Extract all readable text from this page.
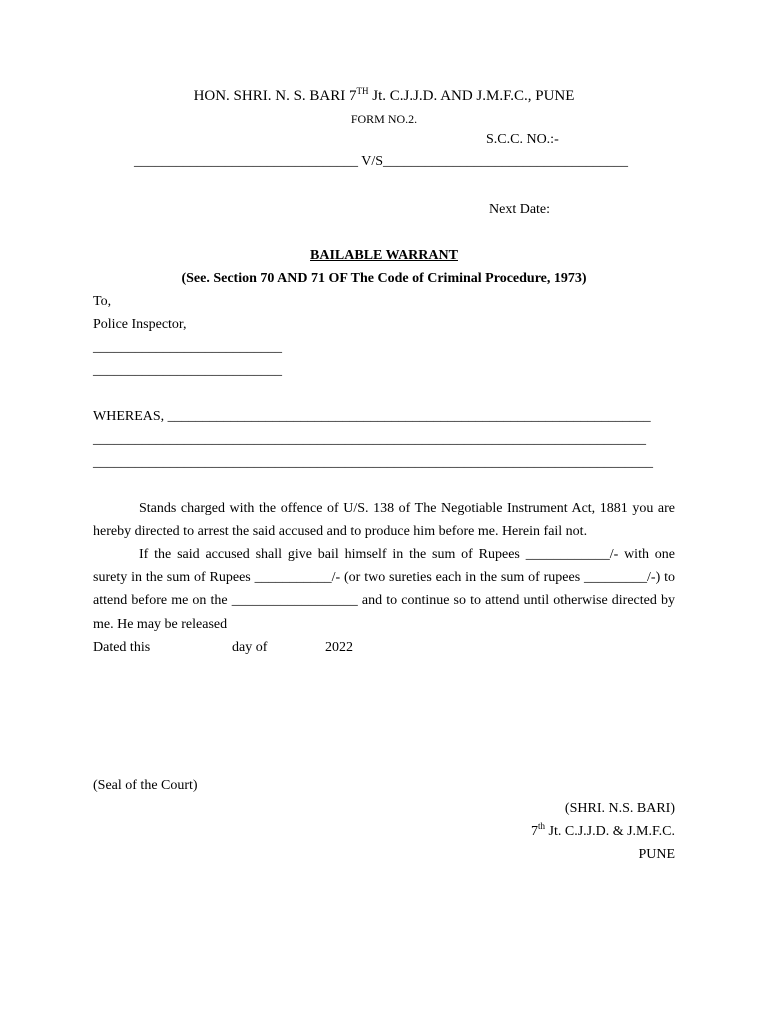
HON. SHRI. N. S. BARI 7TH Jt. C.J.J.D. AND J.M.F.C., PUNE
FORM NO.2.
S.C.C. NO.:-
________________________________ V/S___________________________________
Next Date:
BAILABLE WARRANT
(See. Section 70 AND 71 OF The Code of Criminal Procedure, 1973)
To,
Police Inspector,
___________________________
___________________________
WHEREAS, _____________________________________________________________________
_______________________________________________________________________________
________________________________________________________________________________
Stands charged with the offence of U/S. 138 of The Negotiable Instrument Act, 1881 you are hereby directed to arrest the said accused and to produce him before me. Herein fail not.
If the said accused shall give bail himself in the sum of Rupees ____________/- with one surety in the sum of Rupees ___________/- (or two sureties each in the sum of rupees _________/-) to attend before me on the __________________ and to continue so to attend until otherwise directed by me. He may be released
Dated this	day of	2022
(Seal of the Court)
(SHRI. N.S. BARI)
7th Jt. C.J.J.D. & J.M.F.C.
PUNE
